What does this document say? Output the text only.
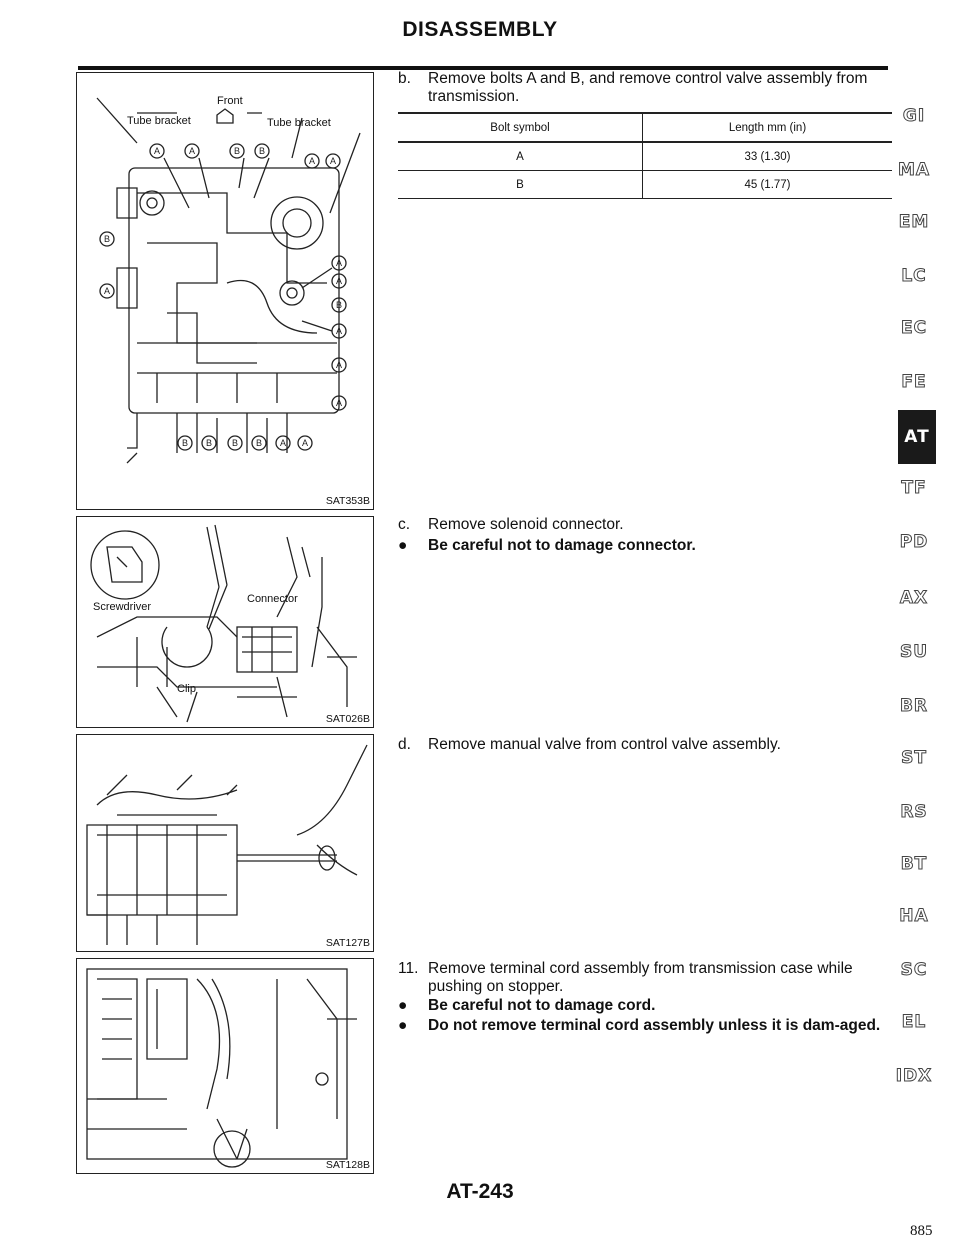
DISASSEMBLY
A	A	B B
A A
B
A
A
A
B
A
A
A
B B B B A A
Front
Tube bracket	Tube bracket
SAT353B
Screwdriver
Connector
Clip
SAT026B
SAT127B
SAT128B
b. Remove bolts A and B, and remove control valve assembly from transmission.
Bolt symbol	Length mm (in)
A	33 (1.30)
B	45 (1.77)
c. Remove solenoid connector.
● Be careful not to damage connector.
d. Remove manual valve from control valve assembly.
11. Remove terminal cord assembly from transmission case while pushing on stopper.
● Be careful not to damage cord.
● Do not remove terminal cord assembly unless it is dam-aged.
GI
MA
EM
LC
EC
FE
AT
TF
PD
AX
SU
BR
ST
RS
BT
HA
SC
EL
IDX
AT-243
885
